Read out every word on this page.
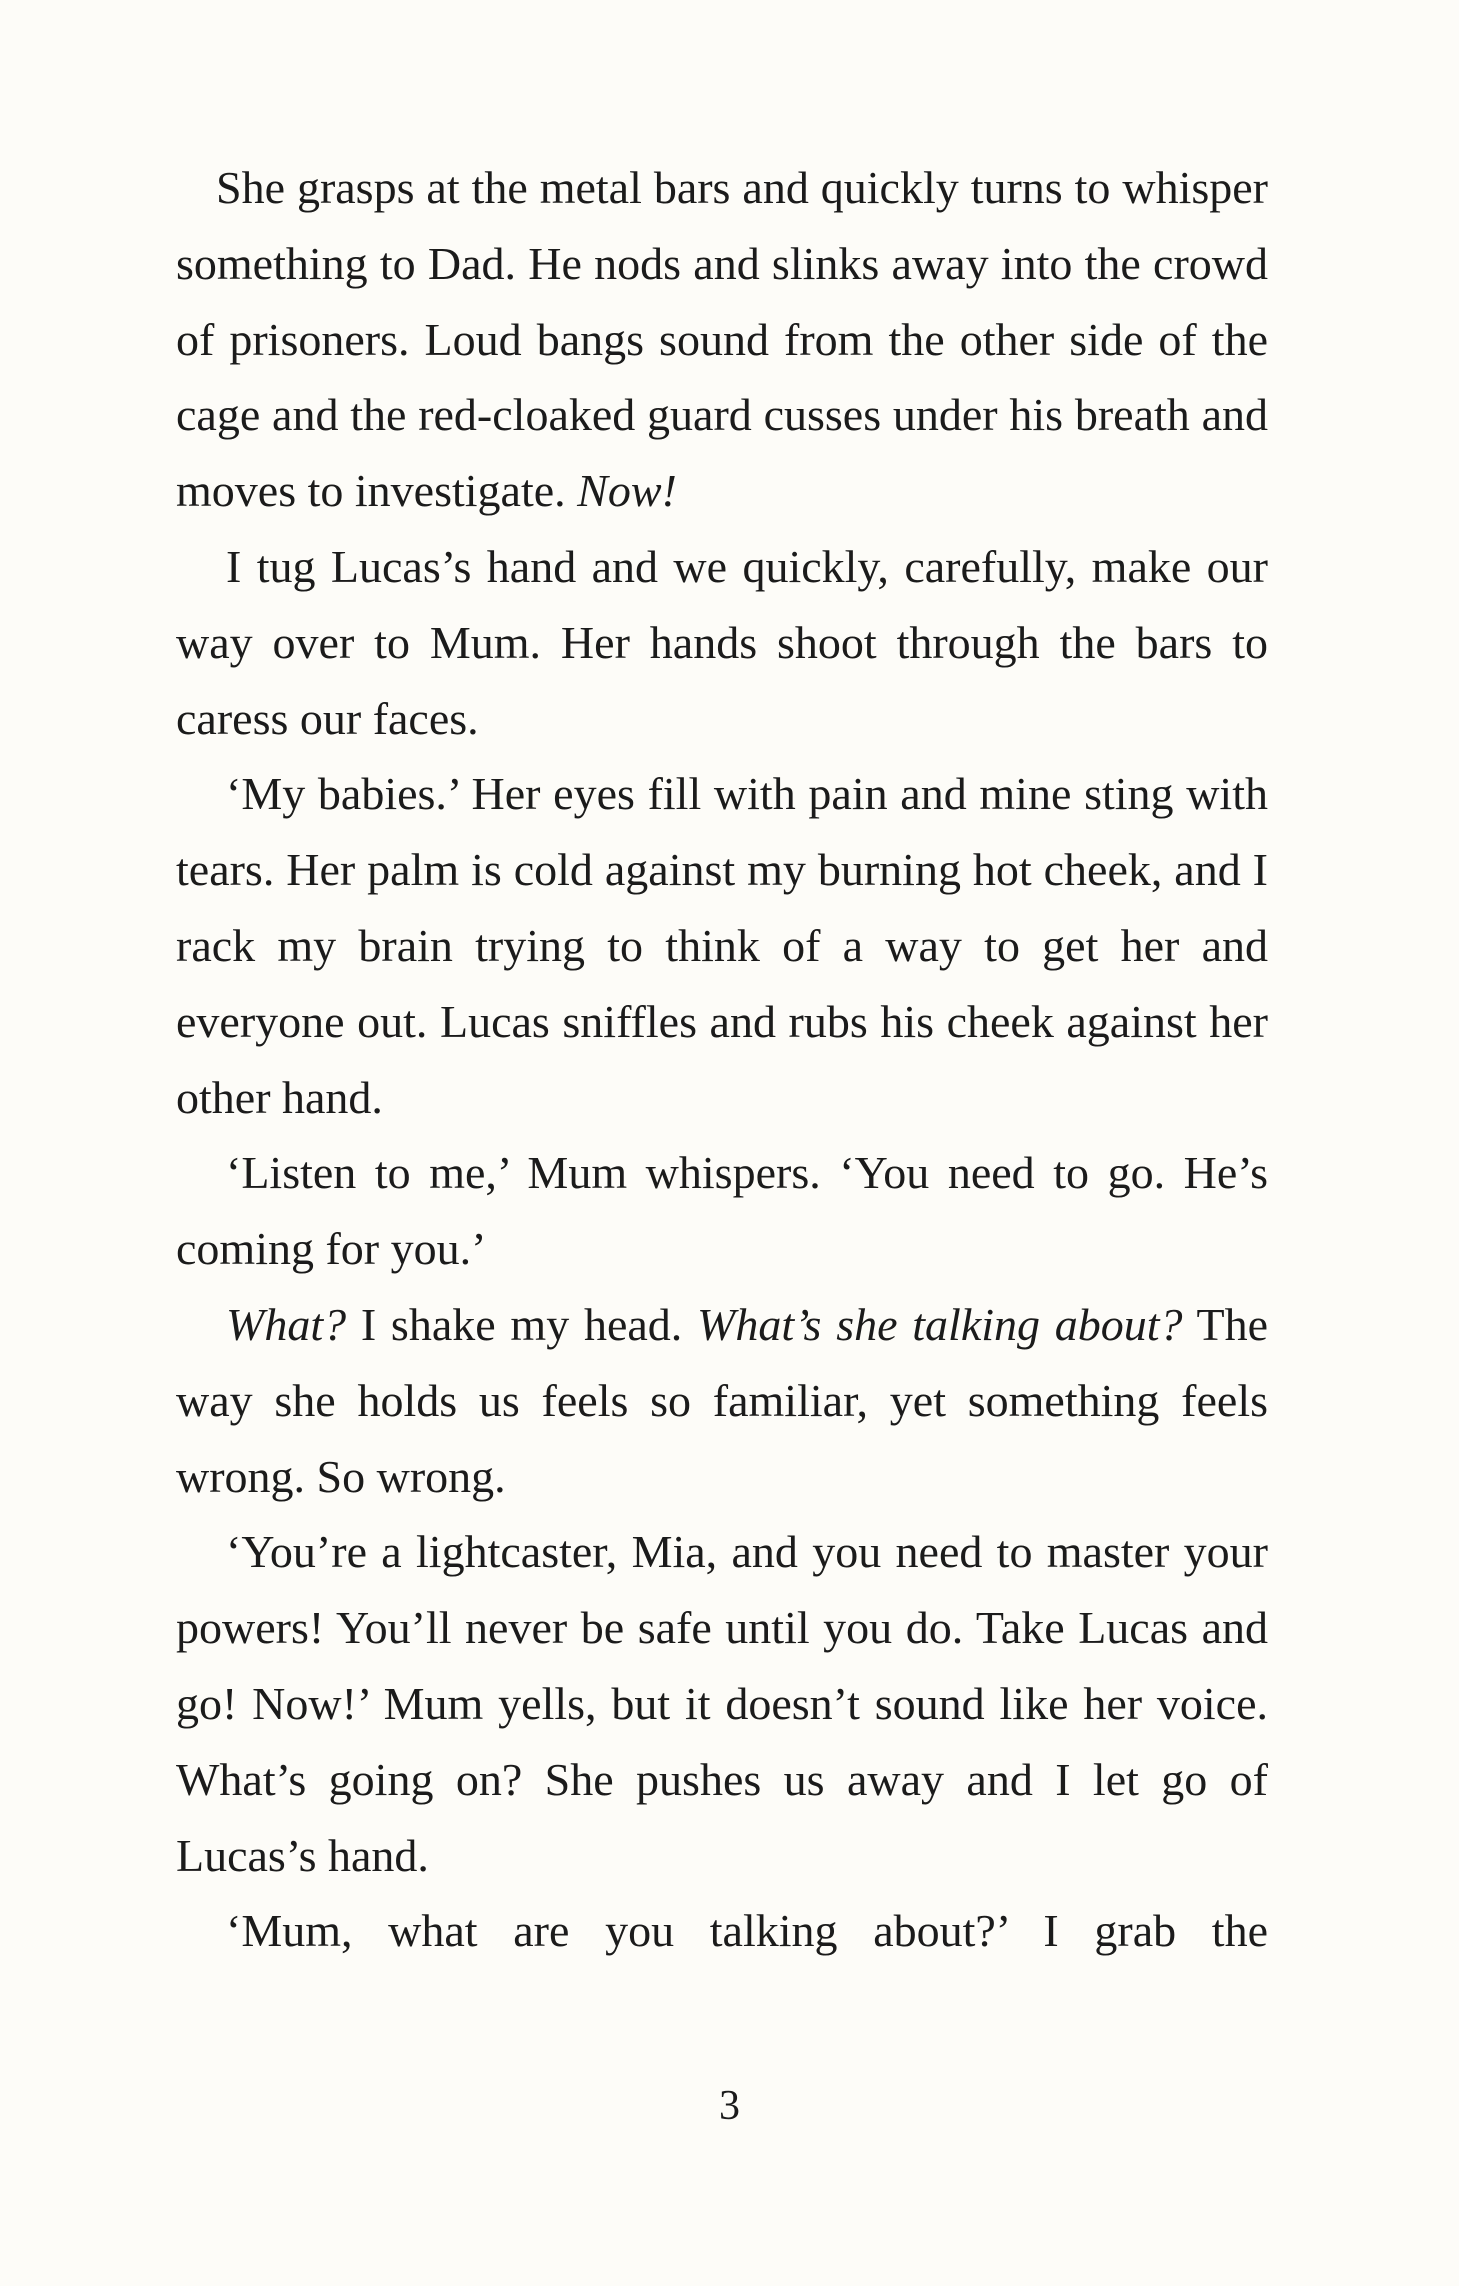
She grasps at the metal bars and quickly turns to whisper something to Dad. He nods and slinks away into the crowd of prisoners. Loud bangs sound from the other side of the cage and the red-cloaked guard cusses under his breath and moves to investigate. Now!

I tug Lucas’s hand and we quickly, carefully, make our way over to Mum. Her hands shoot through the bars to caress our faces.

‘My babies.’ Her eyes fill with pain and mine sting with tears. Her palm is cold against my burning hot cheek, and I rack my brain trying to think of a way to get her and everyone out. Lucas sniffles and rubs his cheek against her other hand.

‘Listen to me,’ Mum whispers. ‘You need to go. He’s coming for you.’

What? I shake my head. What’s she talking about? The way she holds us feels so familiar, yet something feels wrong. So wrong.

‘You’re a lightcaster, Mia, and you need to master your powers! You’ll never be safe until you do. Take Lucas and go! Now!’ Mum yells, but it doesn’t sound like her voice. What’s going on? She pushes us away and I let go of Lucas’s hand.

‘Mum, what are you talking about?’ I grab the

3
